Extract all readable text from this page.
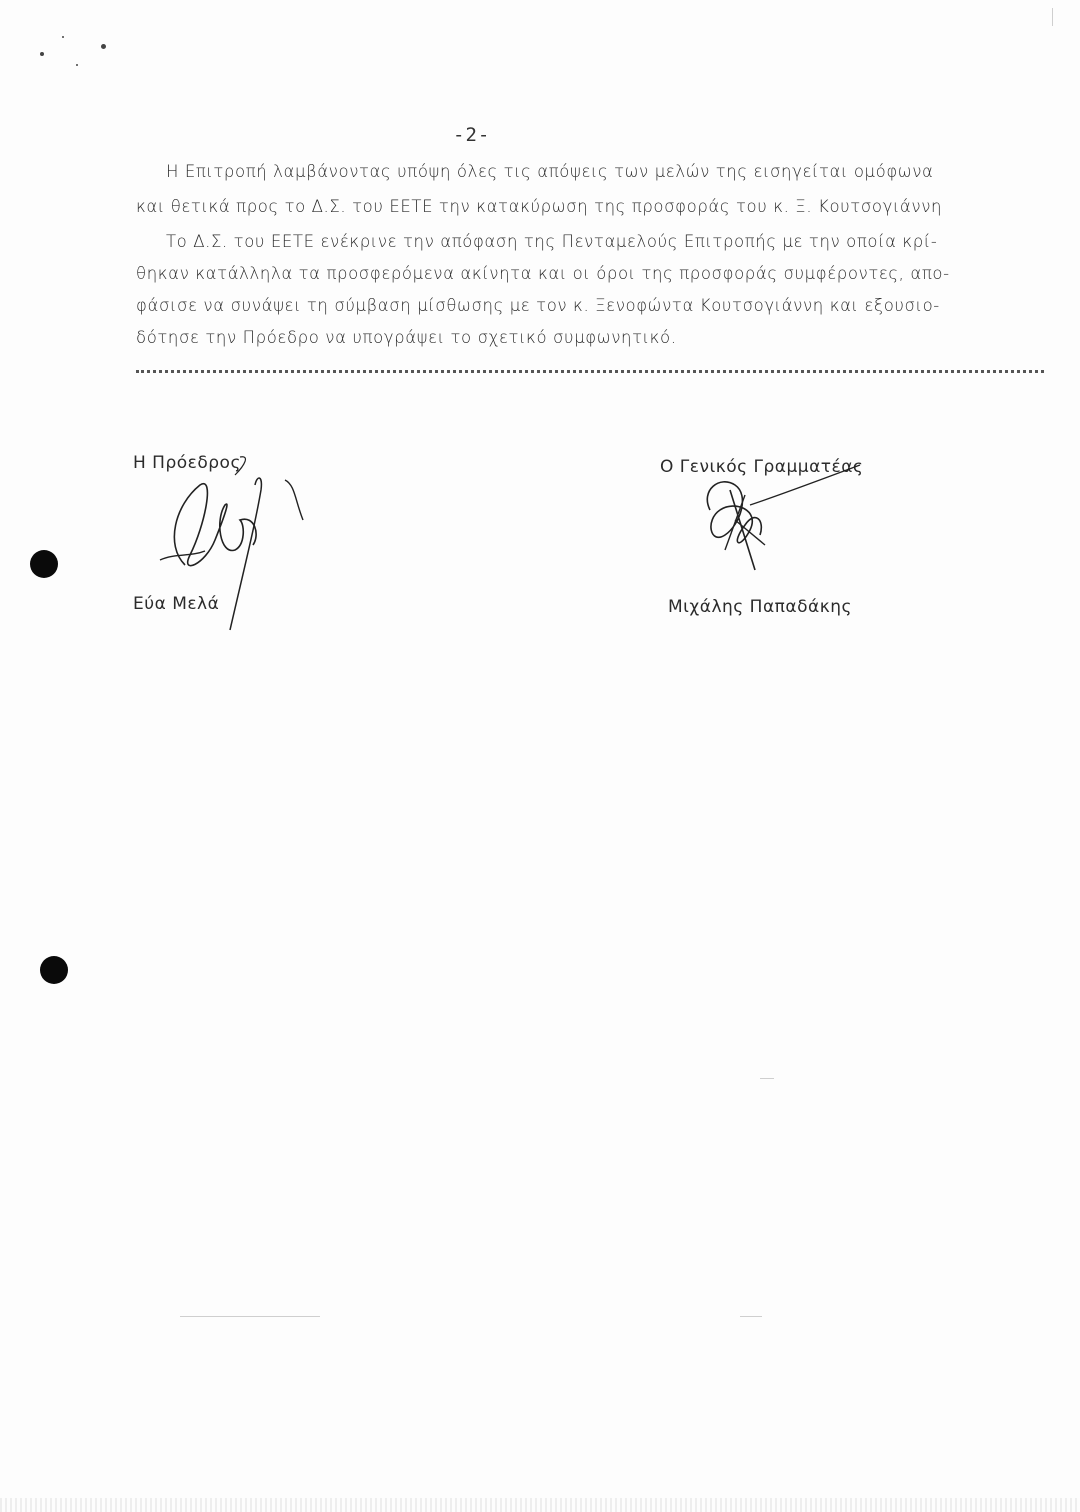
-2-
Η Επιτροπή λαμβάνοντας υπόψη όλες τις απόψεις των μελών της εισηγείται ομόφωνα
και θετικά προς το Δ.Σ. του ΕΕΤΕ την κατακύρωση της προσφοράς του κ. Ξ. Κουτσογιάννη
Το Δ.Σ. του ΕΕΤΕ ενέκρινε την απόφαση της Πενταμελούς Επιτροπής με την οποία κρί-
θηκαν κατάλληλα τα προσφερόμενα ακίνητα και οι όροι της προσφοράς συμφέροντες, απο-
φάσισε να συνάψει τη σύμβαση μίσθωσης με τον κ. Ξενοφώντα Κουτσογιάννη και εξουσιο-
δότησε την Πρόεδρο να υπογράψει το σχετικό συμφωνητικό.
Η Πρόεδρος
Εύα Μελά
Ο Γενικός Γραμματέας
Μιχάλης Παπαδάκης
